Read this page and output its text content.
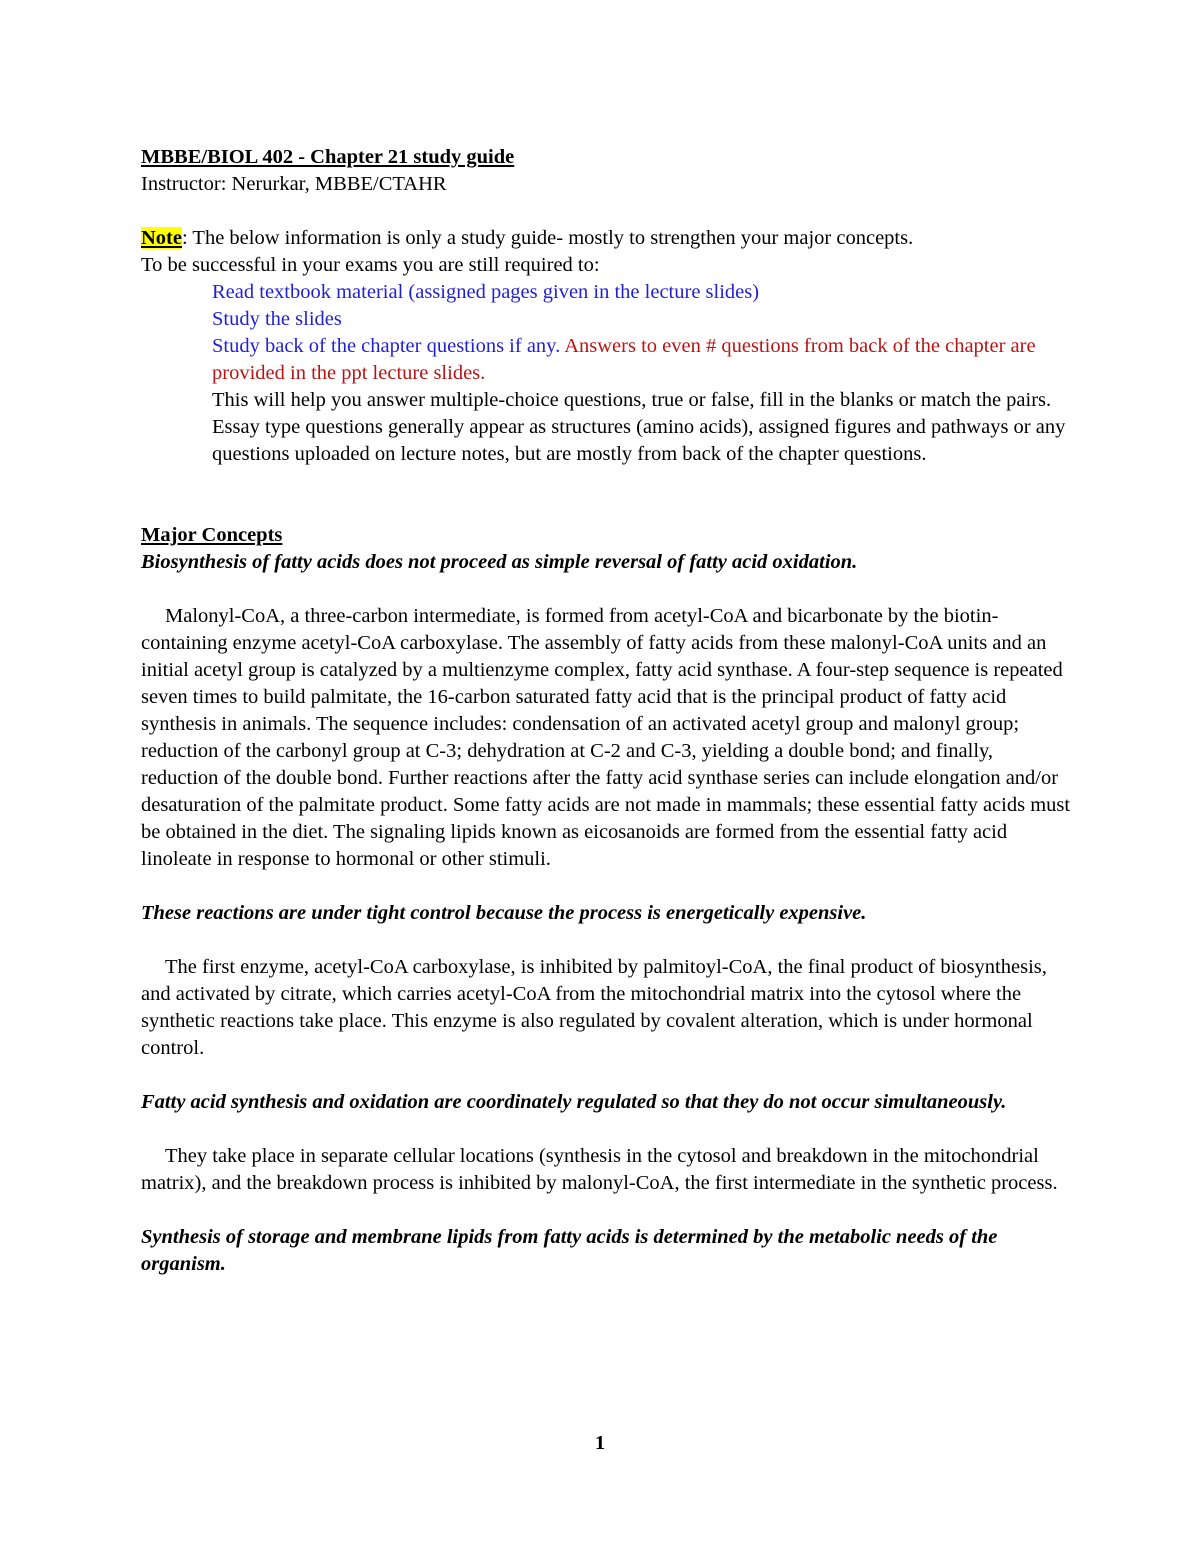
MBBE/BIOL 402 - Chapter 21 study guide

Instructor: Nerurkar, MBBE/CTAHR

Note: The below information is only a study guide- mostly to strengthen your major concepts.

To be successful in your exams you are still required to:

Read textbook material (assigned pages given in the lecture slides)

Study the slides

Study back of the chapter questions if any. Answers to even # questions from back of the chapter are provided in the ppt lecture slides.

This will help you answer multiple-choice questions, true or false, fill in the blanks or match the pairs. Essay type questions generally appear as structures (amino acids), assigned figures and pathways or any questions uploaded on lecture notes, but are mostly from back of the chapter questions.

Major Concepts

Biosynthesis of fatty acids does not proceed as simple reversal of fatty acid oxidation.

Malonyl-CoA, a three-carbon intermediate, is formed from acetyl-CoA and bicarbonate by the biotin-containing enzyme acetyl-CoA carboxylase. The assembly of fatty acids from these malonyl-CoA units and an initial acetyl group is catalyzed by a multienzyme complex, fatty acid synthase. A four-step sequence is repeated seven times to build palmitate, the 16-carbon saturated fatty acid that is the principal product of fatty acid synthesis in animals. The sequence includes: condensation of an activated acetyl group and malonyl group; reduction of the carbonyl group at C-3; dehydration at C-2 and C-3, yielding a double bond; and finally, reduction of the double bond. Further reactions after the fatty acid synthase series can include elongation and/or desaturation of the palmitate product. Some fatty acids are not made in mammals; these essential fatty acids must be obtained in the diet. The signaling lipids known as eicosanoids are formed from the essential fatty acid linoleate in response to hormonal or other stimuli.

These reactions are under tight control because the process is energetically expensive.

The first enzyme, acetyl-CoA carboxylase, is inhibited by palmitoyl-CoA, the final product of biosynthesis, and activated by citrate, which carries acetyl-CoA from the mitochondrial matrix into the cytosol where the synthetic reactions take place. This enzyme is also regulated by covalent alteration, which is under hormonal control.

Fatty acid synthesis and oxidation are coordinately regulated so that they do not occur simultaneously.

They take place in separate cellular locations (synthesis in the cytosol and breakdown in the mitochondrial matrix), and the breakdown process is inhibited by malonyl-CoA, the first intermediate in the synthetic process.

Synthesis of storage and membrane lipids from fatty acids is determined by the metabolic needs of the organism.

1
